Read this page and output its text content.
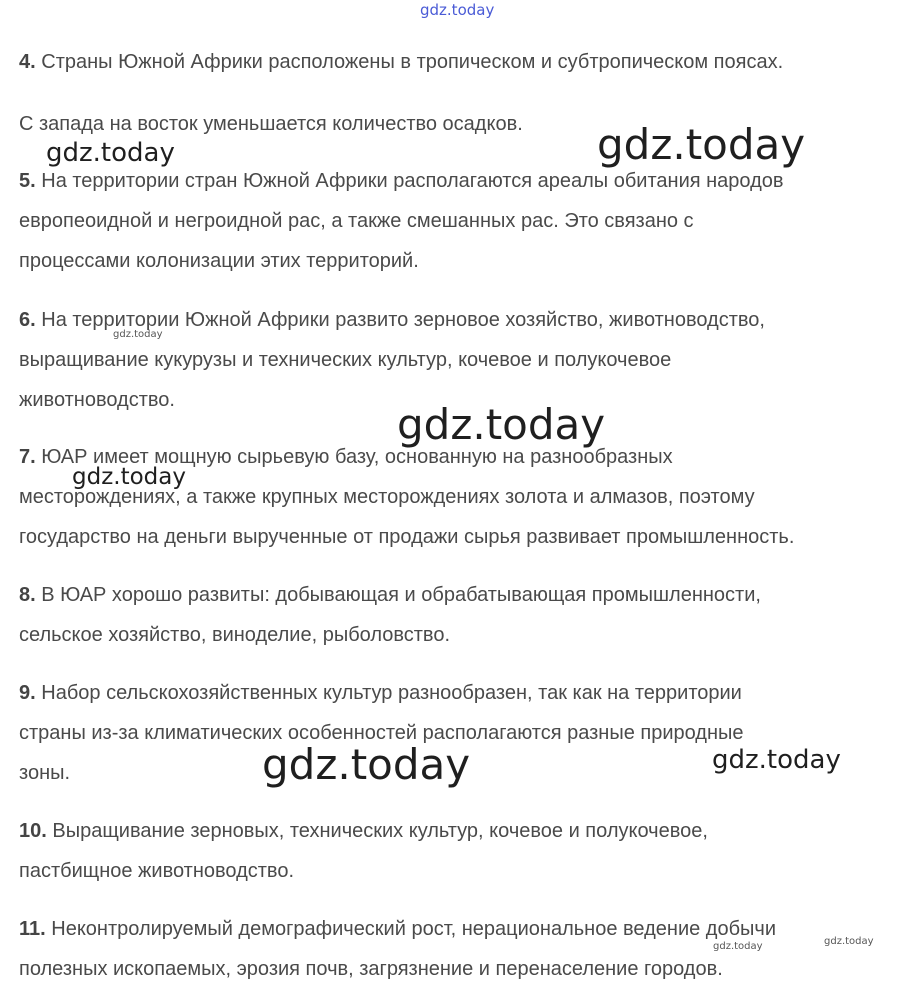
gdz.today
gdz.today	gdz.today
gdz.today
gdz.today
gdz.today
gdz.today	gdz.today
gdz.today	gdz.today
4. Страны Южной Африки расположены в тропическом и субтропическом поясах.
С запада на восток уменьшается количество осадков.
5. На территории стран Южной Африки располагаются ареалы обитания народов
европеоидной и негроидной рас, а также смешанных рас. Это связано с
процессами колонизации этих территорий.
6. На территории Южной Африки развито зерновое хозяйство, животноводство,
выращивание кукурузы и технических культур, кочевое и полукочевое
животноводство.
7. ЮАР имеет мощную сырьевую базу, основанную на разнообразных
месторождениях, а также крупных месторождениях золота и алмазов, поэтому
государство на деньги вырученные от продажи сырья развивает промышленность.
8. В ЮАР хорошо развиты: добывающая и обрабатывающая промышленности,
сельское хозяйство, виноделие, рыболовство.
9. Набор сельскохозяйственных культур разнообразен, так как на территории
страны из-за климатических особенностей располагаются разные природные
зоны.
10. Выращивание зерновых, технических культур, кочевое и полукочевое,
пастбищное животноводство.
11. Неконтролируемый демографический рост, нерациональное ведение добычи
полезных ископаемых, эрозия почв, загрязнение и перенаселение городов.
